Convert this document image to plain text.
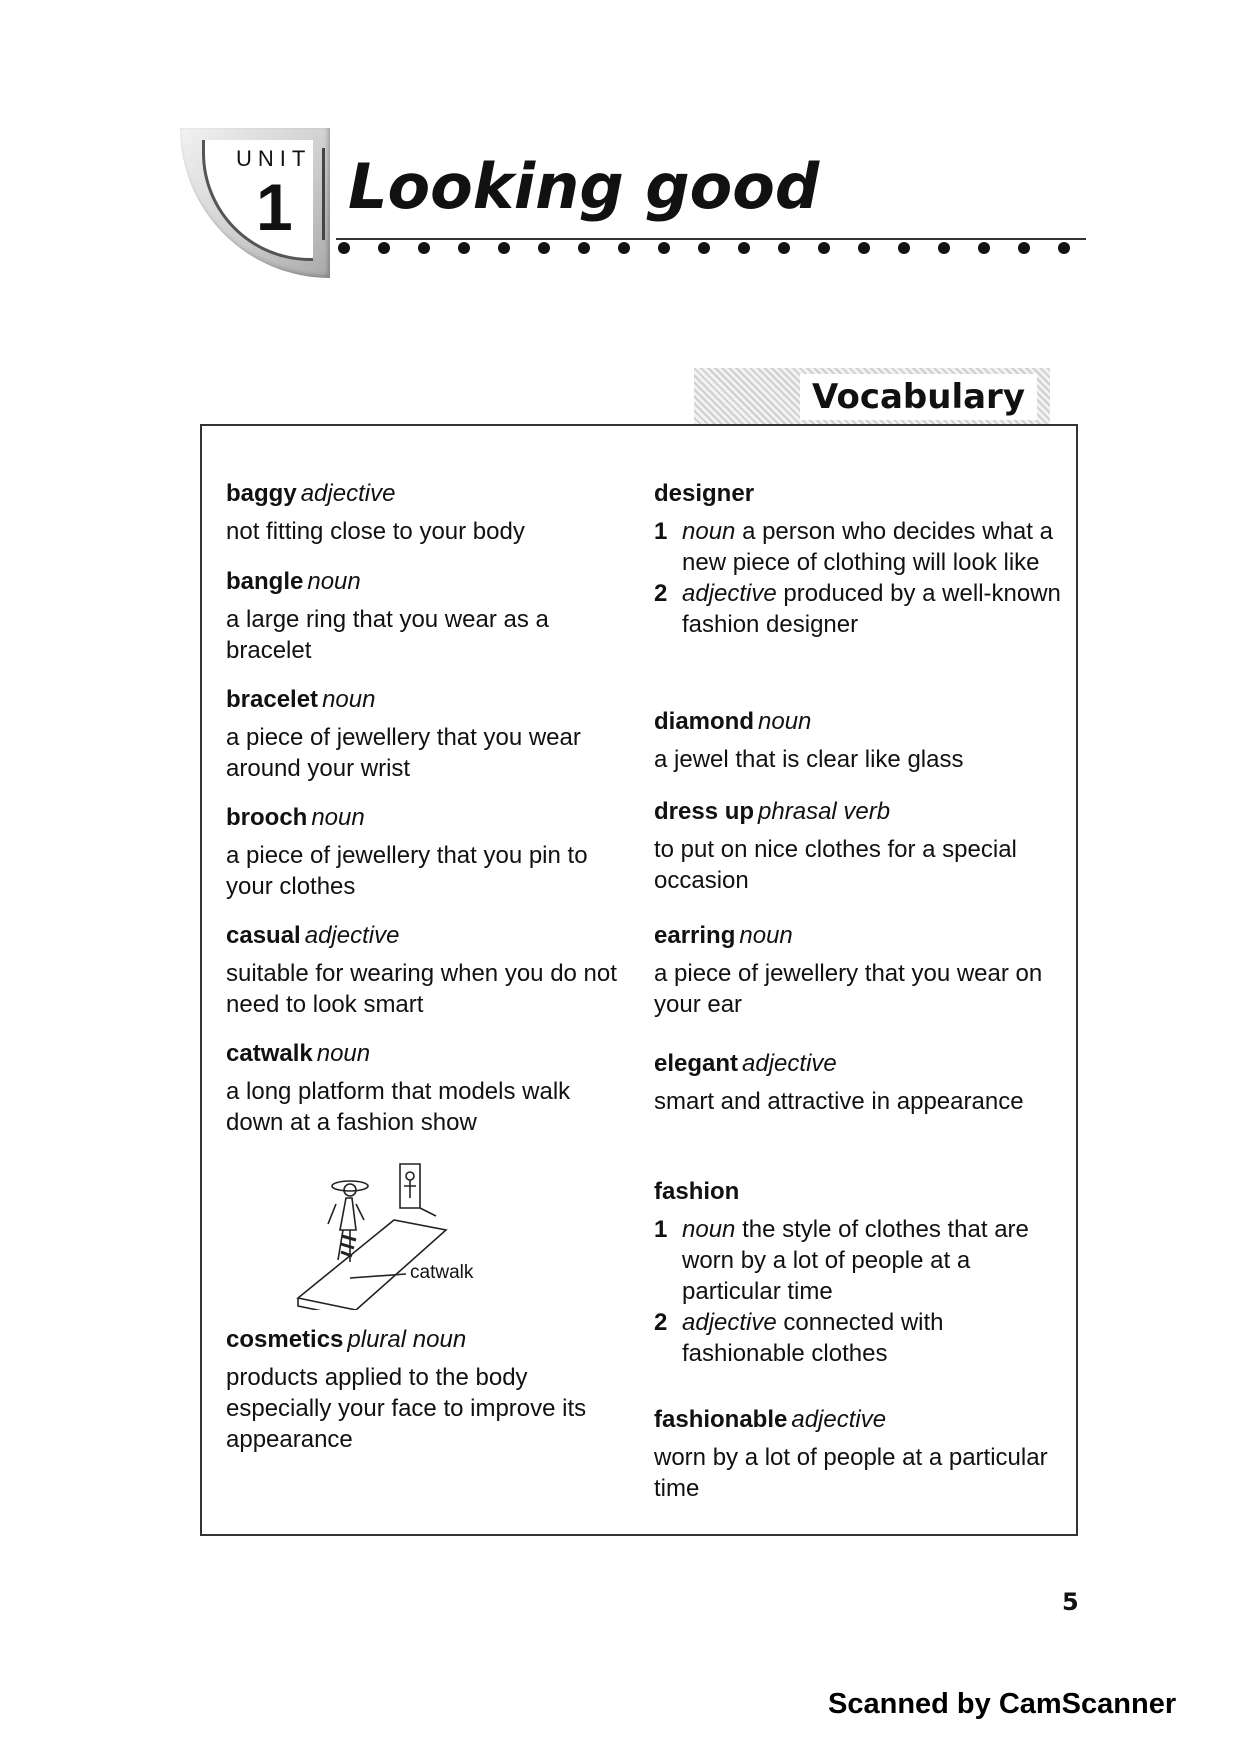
UNIT
1 Looking good
Vocabulary

baggy adjective

not fitting close to your body

bangle noun

a large ring that you wear as a bracelet

bracelet noun

a piece of jewellery that you wear around your wrist

brooch noun

a piece of jewellery that you pin to your clothes

casual adjective

suitable for wearing when you do not need to look smart

catwalk noun

a long platform that models walk down at a fashion show

catwalk

cosmetics plural noun

products applied to the body especially your face to improve its appearance

designer

1 noun a person who decides what a new piece of clothing will look like

2 adjective produced by a well-known fashion designer

diamond noun

a jewel that is clear like glass

dress up phrasal verb

to put on nice clothes for a special occasion

earring noun

a piece of jewellery that you wear on your ear

elegant adjective

smart and attractive in appearance

fashion

1 noun the style of clothes that are worn by a lot of people at a particular time

2 adjective connected with fashionable clothes

fashionable adjective

worn by a lot of people at a particular time

5
Scanned by CamScanner
